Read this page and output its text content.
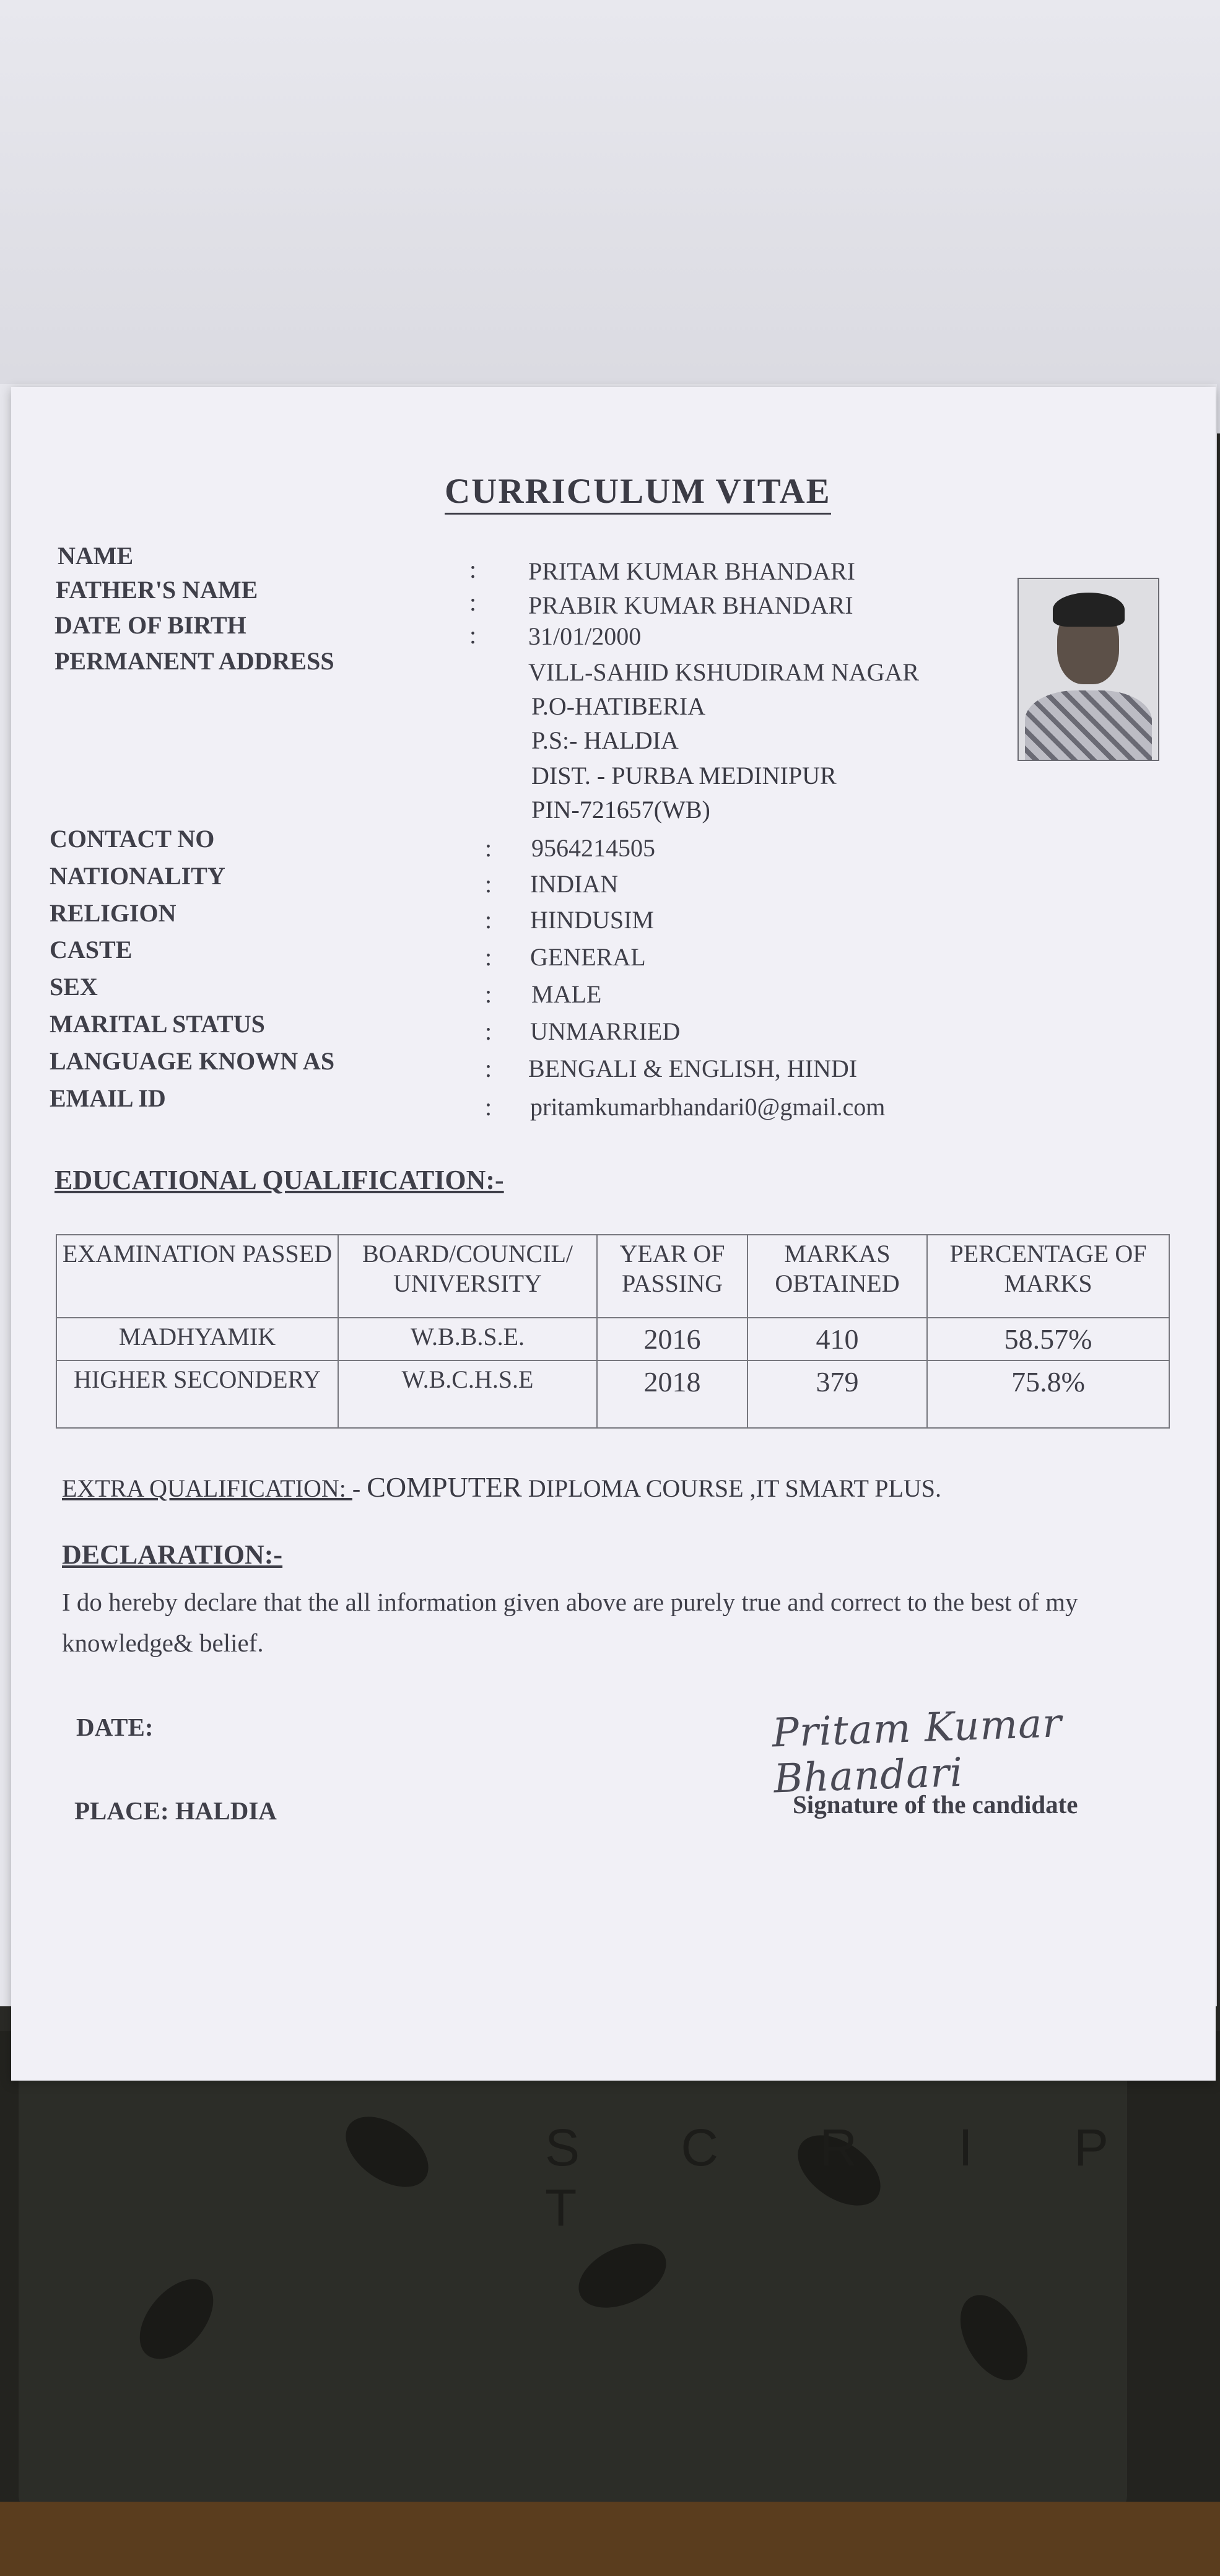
S C R I P T
CURRICULUM VITAE
NAME	: PRITAM KUMAR BHANDARI
FATHER'S NAME	: PRABIR KUMAR BHANDARI
DATE OF BIRTH	: 31/01/2000
PERMANENT ADDRESS	VILL-SAHID KSHUDIRAM NAGAR
P.O-HATIBERIA
P.S:- HALDIA
DIST. - PURBA MEDINIPUR
PIN-721657(WB)
CONTACT NO	: 9564214505
NATIONALITY	: INDIAN
RELIGION	: HINDUSIM
CASTE	: GENERAL
SEX	: MALE
MARITAL STATUS	: UNMARRIED
LANGUAGE KNOWN AS	: BENGALI & ENGLISH, HINDI
EMAIL ID	: pritamkumarbhandari0@gmail.com
EDUCATIONAL QUALIFICATION:-
EXAMINATION PASSED	BOARD/COUNCIL/ UNIVERSITY	YEAR OF PASSING	MARKAS OBTAINED	PERCENTAGE OF MARKS
MADHYAMIK	W.B.B.S.E.	2016	410	58.57%
HIGHER SECONDERY	W.B.C.H.S.E	2018	379	75.8%
EXTRA QUALIFICATION: - COMPUTER DIPLOMA COURSE ,IT SMART PLUS.
DECLARATION:-
I do hereby declare that the all information given above are purely true and correct to the best of my knowledge& belief.
DATE:
PLACE: HALDIA
Pritam Kumar Bhandari
Signature of the candidate
